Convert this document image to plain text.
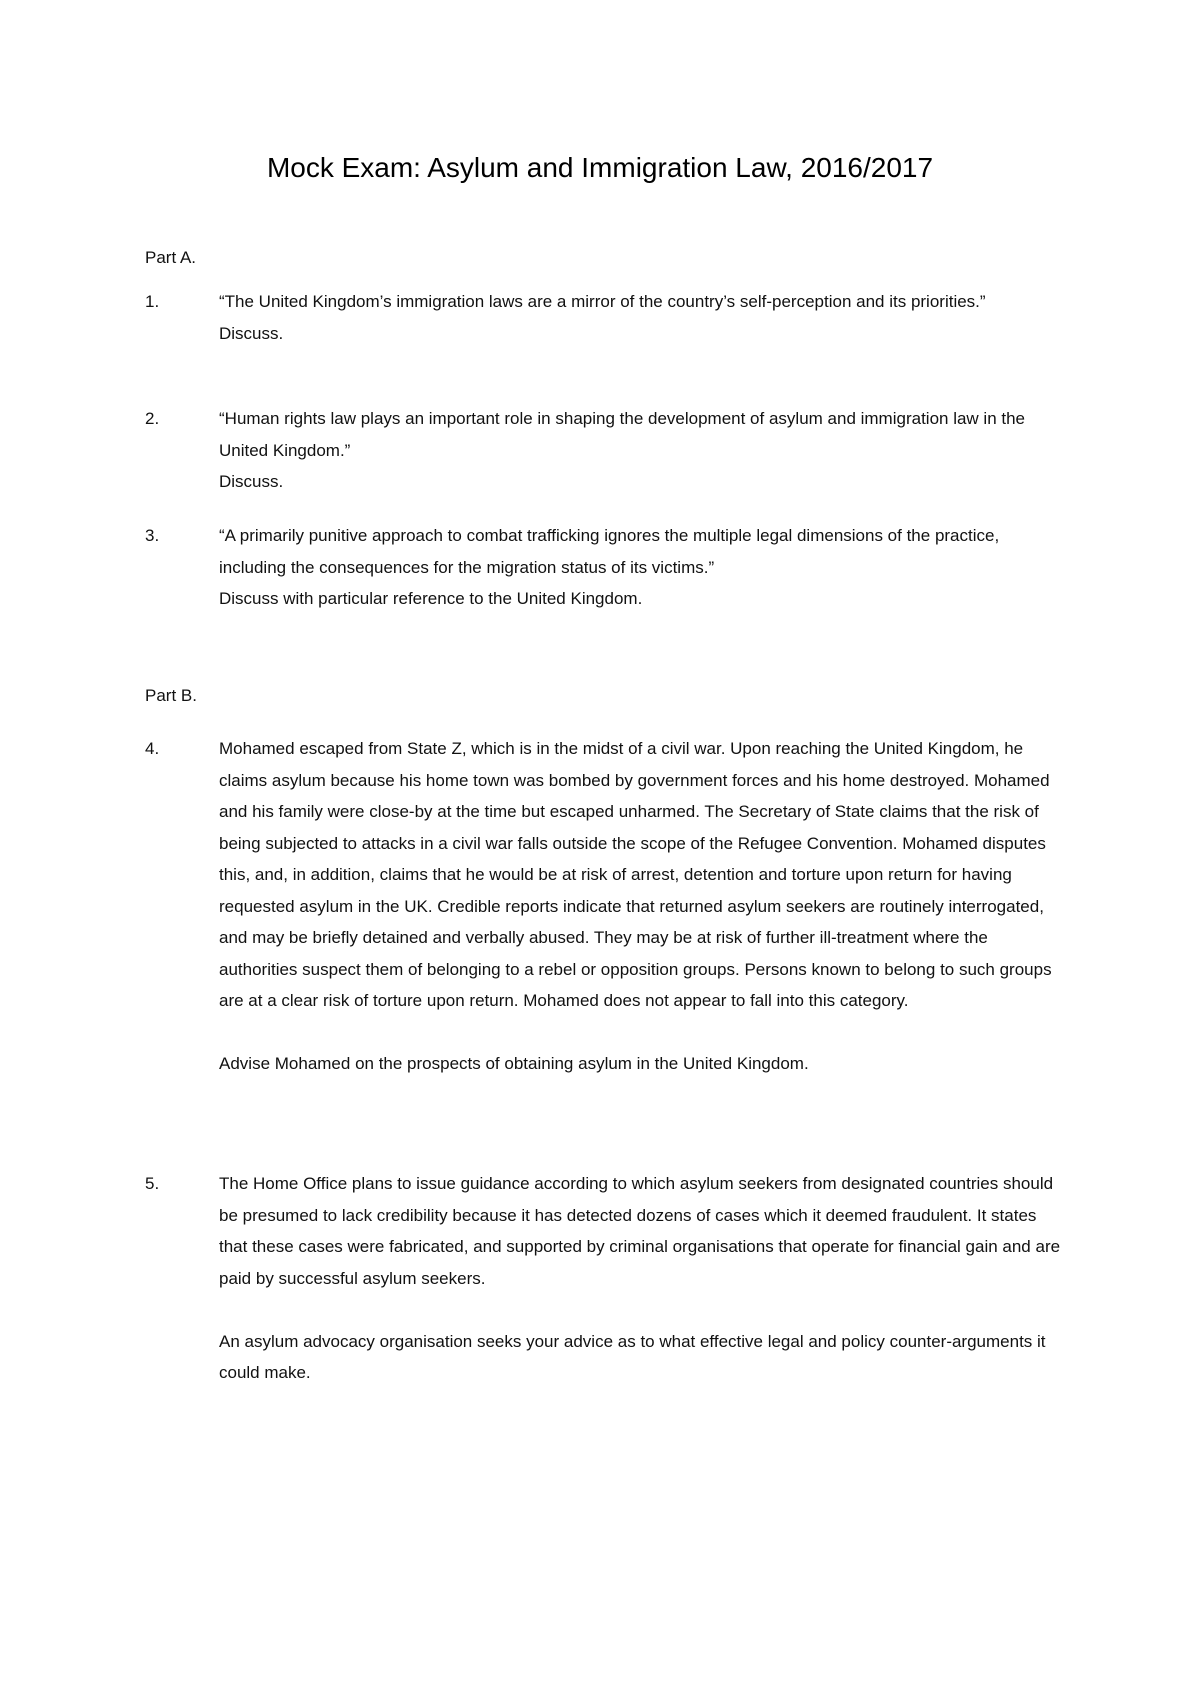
Mock Exam: Asylum and Immigration Law, 2016/2017

Part A.

1.	“The United Kingdom’s immigration laws are a mirror of the country’s self-perception and its priorities.”

Discuss.

2.	“Human rights law plays an important role in shaping the development of asylum and immigration law in the United Kingdom.”

Discuss.

3.	“A primarily punitive approach to combat trafficking ignores the multiple legal dimensions of the practice, including the consequences for the migration status of its victims.”

Discuss with particular reference to the United Kingdom.

Part B.

4.	Mohamed escaped from State Z, which is in the midst of a civil war. Upon reaching the United Kingdom, he claims asylum because his home town was bombed by government forces and his home destroyed. Mohamed and his family were close-by at the time but escaped unharmed. The Secretary of State claims that the risk of being subjected to attacks in a civil war falls outside the scope of the Refugee Convention. Mohamed disputes this, and, in addition, claims that he would be at risk of arrest, detention and torture upon return for having requested asylum in the UK. Credible reports indicate that returned asylum seekers are routinely interrogated, and may be briefly detained and verbally abused. They may be at risk of further ill-treatment where the authorities suspect them of belonging to a rebel or opposition groups. Persons known to belong to such groups are at a clear risk of torture upon return. Mohamed does not appear to fall into this category.

Advise Mohamed on the prospects of obtaining asylum in the United Kingdom.

5.	The Home Office plans to issue guidance according to which asylum seekers from designated countries should be presumed to lack credibility because it has detected dozens of cases which it deemed fraudulent. It states that these cases were fabricated, and supported by criminal organisations that operate for financial gain and are paid by successful asylum seekers.

An asylum advocacy organisation seeks your advice as to what effective legal and policy counter-arguments it could make.
